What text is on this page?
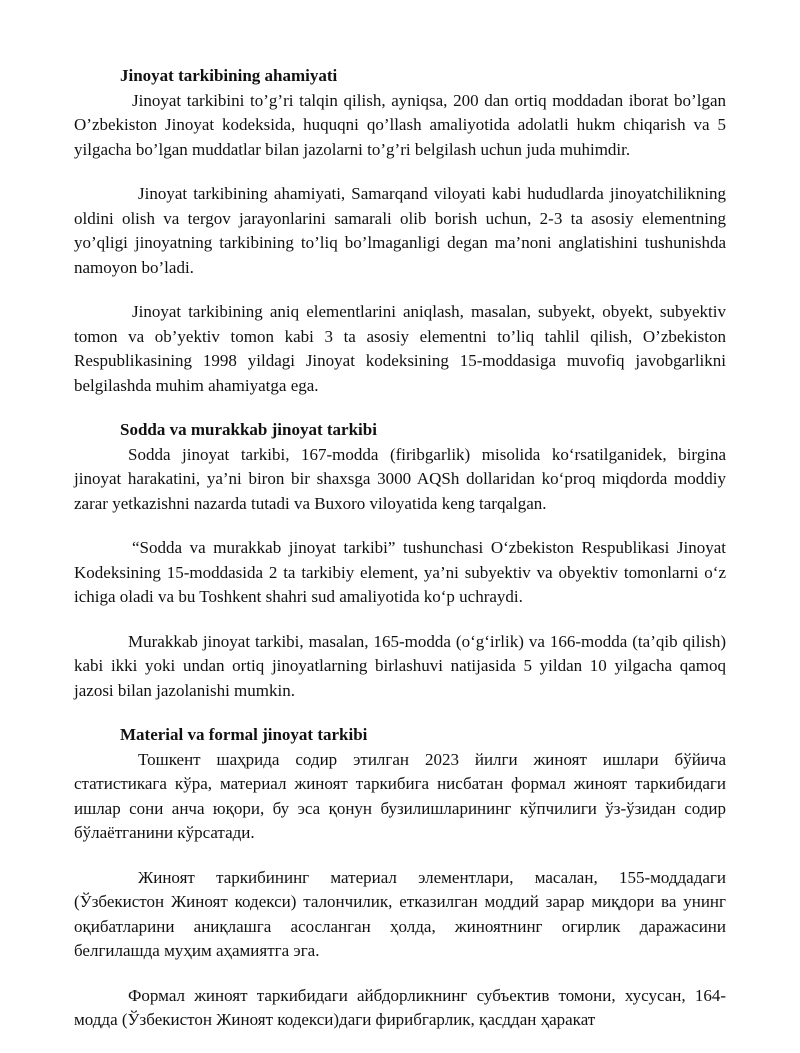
Jinoyat tarkibining ahamiyati

Jinoyat tarkibini to’g’ri talqin qilish, ayniqsa, 200 dan ortiq moddadan iborat bo’lgan O’zbekiston Jinoyat kodeksida, huquqni qo’llash amaliyotida adolatli hukm chiqarish va 5 yilgacha bo’lgan muddatlar bilan jazolarni to’g’ri belgilash uchun juda muhimdir.

Jinoyat tarkibining ahamiyati, Samarqand viloyati kabi hududlarda jinoyatchilikning oldini olish va tergov jarayonlarini samarali olib borish uchun, 2-3 ta asosiy elementning yo’qligi jinoyatning tarkibining to’liq bo’lmaganligi degan ma’noni anglatishini tushunishda namoyon bo’ladi.

Jinoyat tarkibining aniq elementlarini aniqlash, masalan, subyekt, obyekt, subyektiv tomon va ob’yektiv tomon kabi 3 ta asosiy elementni to’liq tahlil qilish, O’zbekiston Respublikasining 1998 yildagi Jinoyat kodeksining 15-moddasiga muvofiq javobgarlikni belgilashda muhim ahamiyatga ega.

Sodda va murakkab jinoyat tarkibi

Sodda jinoyat tarkibi, 167-modda (firibgarlik) misolida ko‘rsatilganidek, birgina jinoyat harakatini, ya’ni biron bir shaxsga 3000 AQSh dollaridan ko‘proq miqdorda moddiy zarar yetkazishni nazarda tutadi va Buxoro viloyatida keng tarqalgan.

“Sodda va murakkab jinoyat tarkibi” tushunchasi O‘zbekiston Respublikasi Jinoyat Kodeksining 15-moddasida 2 ta tarkibiy element, ya’ni subyektiv va obyektiv tomonlarni o‘z ichiga oladi va bu Toshkent shahri sud amaliyotida ko‘p uchraydi.

Murakkab jinoyat tarkibi, masalan, 165-modda (o‘g‘irlik) va 166-modda (ta’qib qilish) kabi ikki yoki undan ortiq jinoyatlarning birlashuvi natijasida 5 yildan 10 yilgacha qamoq jazosi bilan jazolanishi mumkin.

Material va formal jinoyat tarkibi

Тошкент шаҳрида содир этилган 2023 йилги жиноят ишлари бўйича статистикага кўра, материал жиноят таркибига нисбатан формал жиноят таркибидаги ишлар сони анча юқори, бу эса қонун бузилишларининг кўпчилиги ўз-ўзидан содир бўлаётганини кўрсатади.

Жиноят таркибининг материал элементлари, масалан, 155-моддадаги (Ўзбекистон Жиноят кодекси) талончилик, етказилган моддий зарар миқдори ва унинг оқибатларини аниқлашга асосланган ҳолда, жиноятнинг огирлик даражасини белгилашда муҳим аҳамиятга эга.

Формал жиноят таркибидаги айбдорликнинг субъектив томони, хусусан, 164-модда (Ўзбекистон Жиноят кодекси)даги фирибгарлик, қасддан ҳаракат
